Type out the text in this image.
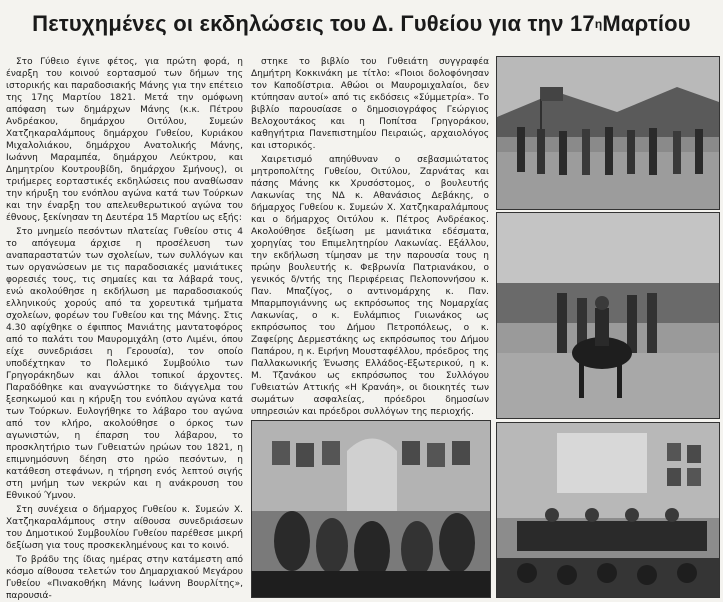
Πετυχημένες οι εκδηλώσεις του Δ. Γυθείου για την 17 η Μαρτίου

Στο Γύθειο έγινε φέτος, για πρώτη φορά, η έναρξη του κοινού εορτασμού των δήμων της ιστορικής και παραδοσιακής Μάνης για την επέτειο της 17ης Μαρτίου 1821. Μετά την ομόφωνη απόφαση των δημάρχων Μάνης (κ.κ. Πέτρου Ανδρέακου, δημάρχου Οιτύλου, Συμεών Χατζηκαραλάμπους δημάρχου Γυθείου, Κυριάκου Μιχαλολιάκου, δημάρχου Ανατολικής Μάνης, Ιωάννη Μαραμπέα, δημάρχου Λεύκτρου, και Δημητρίου Κουτρουβίδη, δημάρχου Σμήνους), οι τριήμερες εορταστικές εκδηλώσεις που αναθίωσαν την κήρυξη του ενόπλου αγώνα κατά των Τούρκων και την έναρξη του απελευθερωτικού αγώνα του έθνους, ξεκίνησαν τη Δευτέρα 15 Μαρτίου ως εξής:

Στο μνημείο πεσόντων πλατείας Γυθείου στις 4 το απόγευμα άρχισε η προσέλευση των αναπαραστατών των σχολείων, των συλλόγων και των οργανώσεων με τις παραδοσιακές μανιάτικες φορεσιές τους, τις σημαίες και τα λάβαρά τους, ενώ ακολούθησε η εκδήλωση με παραδοσιακούς ελληνικούς χορούς από τα χορευτικά τμήματα σχολείων, φορέων του Γυθείου και της Μάνης. Στις 4.30 αφίχθηκε ο έφιππος Μανιάτης μαντατοφόρος από το παλάτι του Μαυρομιχάλη (στο Λιμένι, όπου είχε συνεδριάσει η Γερουσία), τον οποίο υποδέχτηκαν το Πολεμικό Συμβούλιο των Γρηγοράκηδων και άλλοι τοπικοί άρχοντες. Παραδόθηκε και αναγνώστηκε το διάγγελμα του ξεσηκωμού και η κήρυξη του ενόπλου αγώνα κατά των Τούρκων. Ευλογήθηκε το λάβαρο του αγώνα από τον κλήρο, ακολούθησε ο όρκος των αγωνιστών, η έπαρση του λάβαρου, το προσκλητήριο των Γυθειατών ηρώων του 1821, η επιμνημόσυνη δέηση στο ηρώο πεσόντων, η κατάθεση στεφάνων, η τήρηση ενός λεπτού σιγής στη μνήμη των νεκρών και η ανάκρουση του Εθνικού Ύμνου.

Στη συνέχεια ο δήμαρχος Γυθείου κ. Συμεών Χ. Χατζηκαραλάμπους στην αίθουσα συνεδριάσεων του Δημοτικού Συμβουλίου Γυθείου παρέθεσε μικρή δεξίωση για τους προσκεκλημένους και το κοινό.

Το βράδυ της ίδιας ημέρας στην κατάμεστη από κόσμο αίθουσα τελετών του Δημαρχιακού Μεγάρου Γυθείου «Πινακοθήκη Μάνης Ιωάννη Βουρλίτης», παρουσιά-

στηκε το βιβλίο του Γυθειάτη συγγραφέα Δημήτρη Κοκκινάκη με τίτλο: «Ποιοι δολοφόνησαν τον Καποδίστρια. Αθώοι οι Μαυρομιχαλαίοι, δεν κτύπησαν αυτοί» από τις εκδόσεις «Σύμμετρία». Το βιβλίο παρουσίασε ο δημοσιογράφος Γεώργιος Βελοχουτάκος και η Ποπίτσα Γρηγοράκου, καθηγήτρια Πανεπιστημίου Πειραιώς, αρχαιολόγος και ιστορικός.

Χαιρετισμό απηύθυναν ο σεβασμιώτατος μητροπολίτης Γυθείου, Οιτύλου, Ζαρνάτας και πάσης Μάνης κκ Χρυσόστομος, ο βουλευτής Λακωνίας της ΝΔ κ. Αθανάσιος Δεβάκης, ο δήμαρχος Γυθείου κ. Συμεών Χ. Χατζηκαραλάμπους και ο δήμαρχος Οιτύλου κ. Πέτρος Ανδρέακος. Ακολούθησε δεξίωση με μανιάτικα εδέσματα, χορηγίας του Επιμελητηρίου Λακωνίας. Εξάλλου, την εκδήλωση τίμησαν με την παρουσία τους η πρώην βουλευτής κ. Φεβρωνία Πατριανάκου, ο γενικός δ/ντής της Περιφέρειας Πελοποννήσου κ. Παν. Μπαζίγος, ο αντινομάρχης κ. Παν. Μπαρμπογιάννης ως εκπρόσωπος της Νομαρχίας Λακωνίας, ο κ. Ευλάμπιος Γυιωνάκος ως εκπρόσωπος του Δήμου Πετροπόλεως, ο κ. Ζαφείρης Δερμεστάκης ως εκπρόσωπος του Δήμου Παπάρου, η κ. Ειρήνη Μουσταφέλλου, πρόεδρος της Παλλακωνικής Ένωσης Ελλάδος-Εξωτερικού, η κ. Μ. Τζανάκου ως εκπρόσωπος του Συλλόγου Γυθειατών Αττικής «Η Κρανάη», οι διοικητές των σωμάτων ασφαλείας, πρόεδροι δημοσίων υπηρεσιών και πρόεδροι συλλόγων της περιοχής.
